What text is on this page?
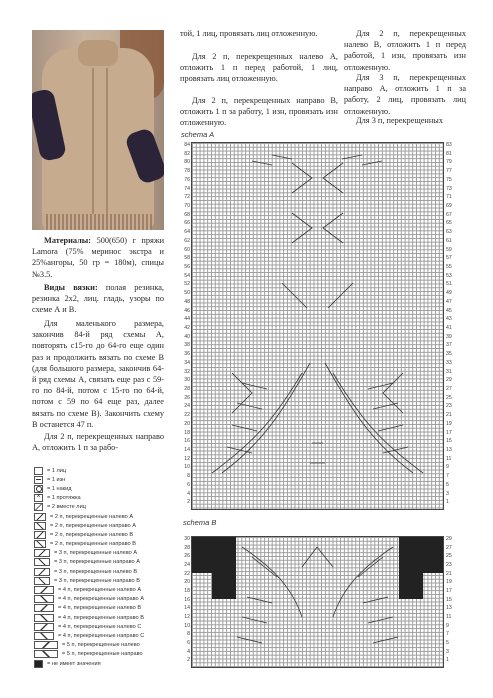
Материалы: 500(650) г пряжи Lamora (75% меринос экстра и 25%ангоры, 50 гр = 180м), спицы №3.5.

Виды вязки: полая резинка, резинка 2х2, лиц. гладь, узоры по схеме А и В.

Для маленького размера, закончив 84-й ряд схемы А, повторять с15-го до 64-го еще один раз и продолжить вязать по схеме В (для большого размера, закончив 64-й ряд схемы А, связать еще раз с 59-го по 84-й, потом с 15-го по 64-й, потом с 59 по 64 еще раз, далее вязать по схеме В). Закончить схему В останется 47 п.

Для 2 п, перекрещенных направо А, отложить 1 п за рабо-

той, 1 лиц, провязать лиц отложенную.

Для 2 п, перекрещенных налево А, отложить 1 п перед работой, 1 лиц, провязать лиц отложенную.

Для 2 п, перекрещенных направо В, отложить 1 п за работу, 1 изн, провязать изн отложенную.

Для 2 п, перекрещенных налево В, отложить 1 п перед работой, 1 изн, провязать изн отложенную.

Для 3 п, перекрещенных направо А, отложить 1 п за работу, 2 лиц, провязать лиц отложенную.

Для 3 п, перекрещенных

schema A
84
82
80
78
76
74
72
70
68
66
64
62
60
58
56
54
52
50
48
46
44
42
40
38
36
34
32
30
28
26
24
22
20
18
16
14
12
10
8
6
4
2
83
81
79
77
75
73
71
69
67
65
63
61
59
57
55
53
51
49
47
45
43
41
39
37
35
33
31
29
27
25
23
21
19
17
15
13
11
9
7
5
3
1
schema B
30
28
26
24
22
20
18
16
14
12
10
8
6
4
2
29
27
25
23
21
19
17
15
13
11
9
7
5
3
1
= 1 лиц
= 1 изн
= 1 накид
×
= 1 протяжка
= 2 вместе лиц
= 2 п, перекрещенные налево А
= 2 п, перекрещенные направо А
= 2 п, перекрещенные налево В
= 2 п, перекрещенные направо В
= 3 п, перекрещенные налево А
= 3 п, перекрещенные направо А
= 3 п, перекрещенные налево В
= 3 п, перекрещенные направо В
= 4 п, перекрещенные налево А
= 4 п, перекрещенные направо А
= 4 п, перекрещенные налево В
= 4 п, перекрещенные направо В
= 4 п, перекрещенные налево С
= 4 п, перекрещенные направо С
= 5 п, перекрещенные налево
= 5 п, перекрещенные направо
= не имеет значения
